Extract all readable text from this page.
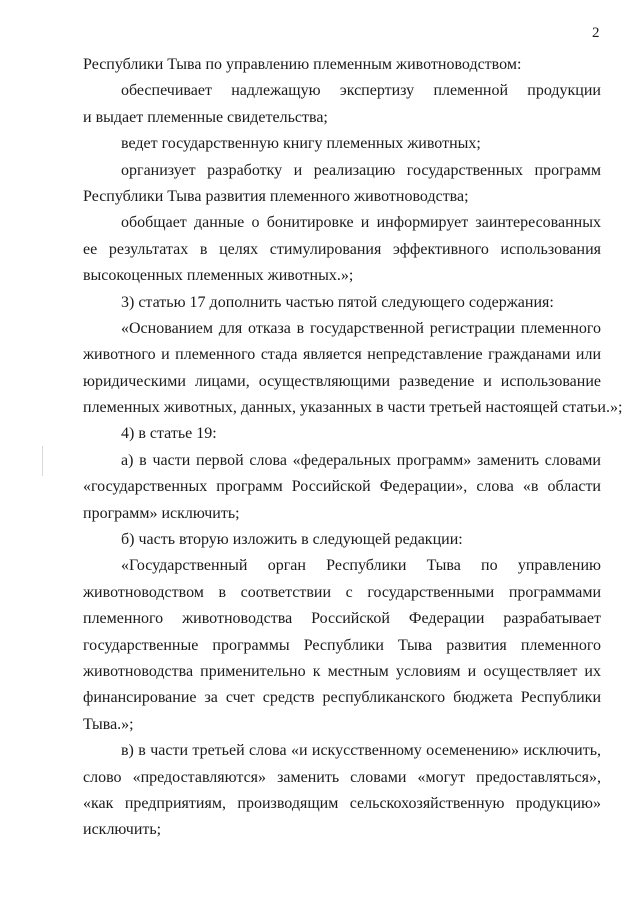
2
Республики Тыва по управлению племенным животноводством:
обеспечивает надлежащую экспертизу племенной продукции
и выдает племенные свидетельства;
ведет государственную книгу племенных животных;
организует разработку и реализацию государственных программ
Республики Тыва развития племенного животноводства;
обобщает данные о бонитировке и информирует заинтересованных
ее результатах в целях стимулирования эффективного использования
высокоценных племенных животных.»;
3) статью 17 дополнить частью пятой следующего содержания:
«Основанием для отказа в государственной регистрации племенного
животного и племенного стада является непредставление гражданами или
юридическими лицами, осуществляющими разведение и использование
племенных животных, данных, указанных в части третьей настоящей статьи.»;
4) в статье 19:
а) в части первой слова «федеральных программ» заменить словами
«государственных программ Российской Федерации», слова «в области
программ» исключить;
б) часть вторую изложить в следующей редакции:
«Государственный орган Республики Тыва по управлению
животноводством в соответствии с государственными программами
племенного животноводства Российской Федерации разрабатывает
государственные программы Республики Тыва развития племенного
животноводства применительно к местным условиям и осуществляет их
финансирование за счет средств республиканского бюджета Республики
Тыва.»;
в) в части третьей слова «и искусственному осеменению» исключить,
слово «предоставляются» заменить словами «могут предоставляться»,
«как предприятиям, производящим сельскохозяйственную продукцию»
исключить;
